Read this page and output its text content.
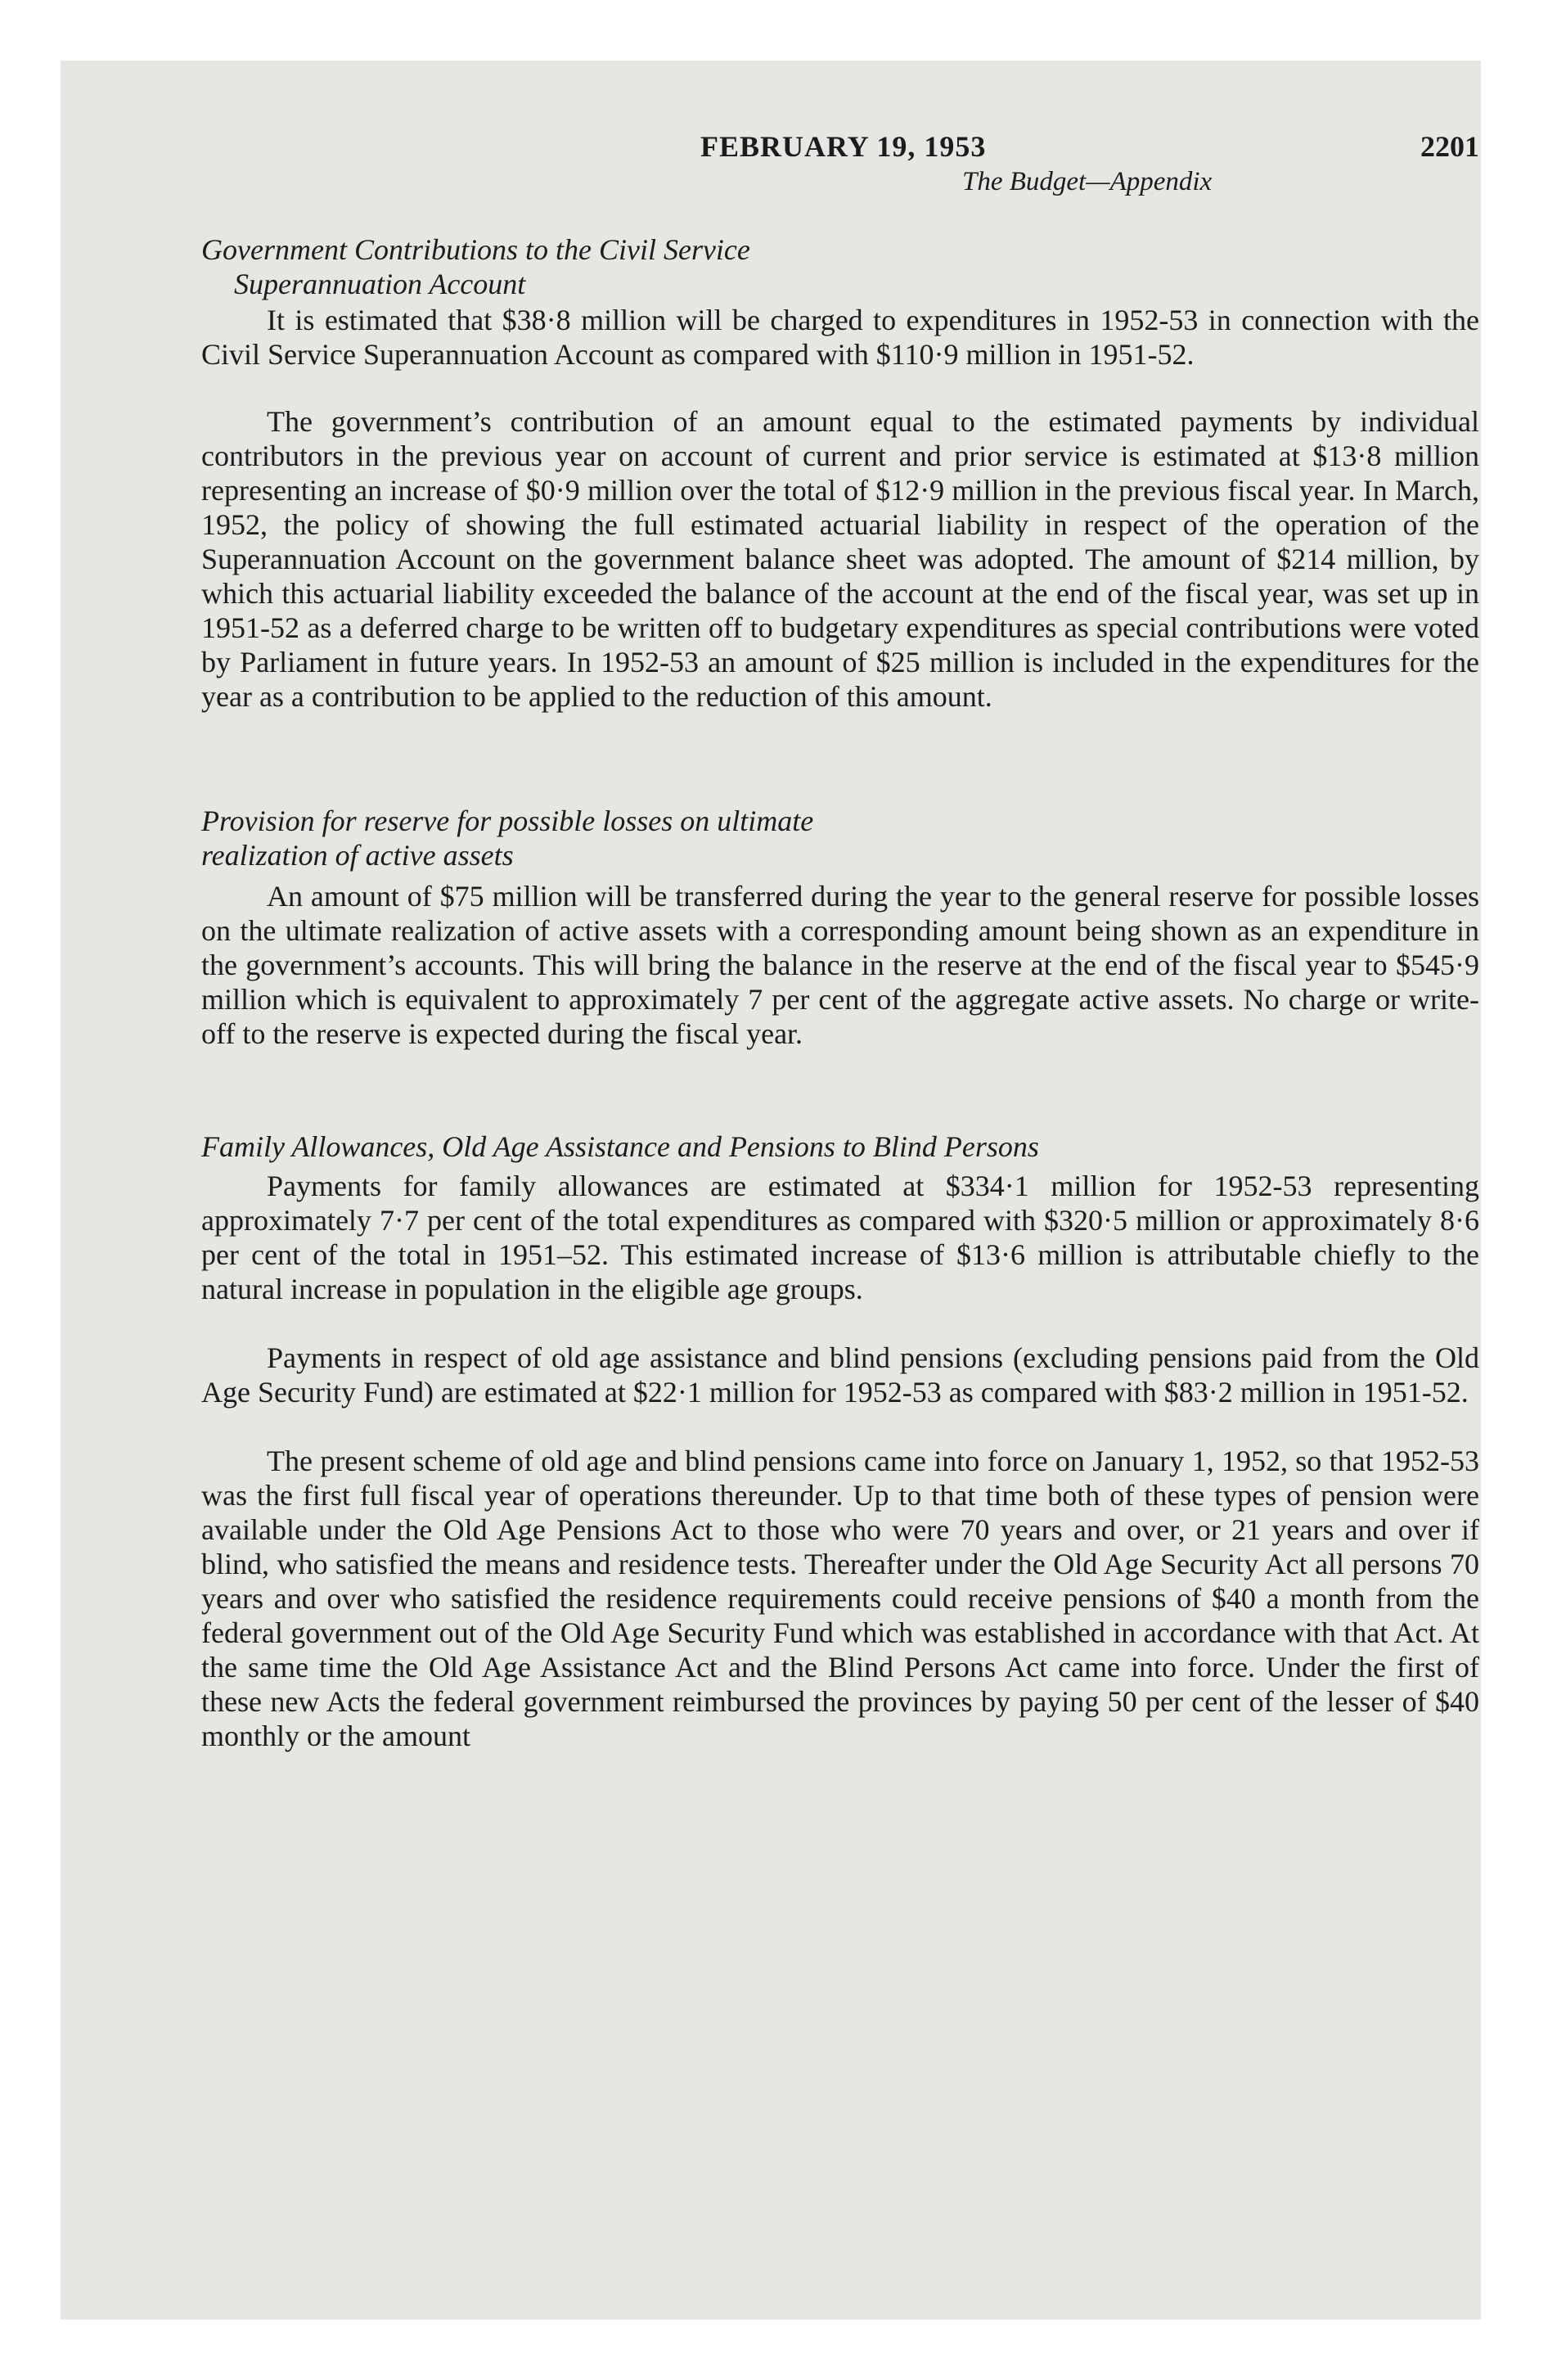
FEBRUARY 19, 1953	2201
The Budget—Appendix
Government Contributions to the Civil Service
Superannuation Account

It is estimated that $38·8 million will be charged to expenditures in 1952-53 in connection with the Civil Service Superannuation Account as compared with $110·9 million in 1951-52.

The government’s contribution of an amount equal to the estimated payments by individual contributors in the previous year on account of current and prior service is estimated at $13·8 million representing an increase of $0·9 million over the total of $12·9 million in the previous fiscal year. In March, 1952, the policy of showing the full estimated actuarial liability in respect of the operation of the Superannuation Account on the government balance sheet was adopted. The amount of $214 million, by which this actuarial liability exceeded the balance of the account at the end of the fiscal year, was set up in 1951-52 as a deferred charge to be written off to budgetary expenditures as special contributions were voted by Parliament in future years. In 1952-53 an amount of $25 million is included in the expenditures for the year as a contribution to be applied to the reduction of this amount.

Provision for reserve for possible losses on ultimate
realization of active assets

An amount of $75 million will be transferred during the year to the general reserve for possible losses on the ultimate realization of active assets with a corresponding amount being shown as an expenditure in the government’s accounts. This will bring the balance in the reserve at the end of the fiscal year to $545·9 million which is equivalent to approximately 7 per cent of the aggregate active assets. No charge or write-off to the reserve is expected during the fiscal year.

Family Allowances, Old Age Assistance and Pensions to Blind Persons

Payments for family allowances are estimated at $334·1 million for 1952-53 representing approximately 7·7 per cent of the total expenditures as compared with $320·5 million or approximately 8·6 per cent of the total in 1951–52. This estimated increase of $13·6 million is attributable chiefly to the natural increase in population in the eligible age groups.

Payments in respect of old age assistance and blind pensions (excluding pensions paid from the Old Age Security Fund) are estimated at $22·1 million for 1952-53 as compared with $83·2 million in 1951-52.

The present scheme of old age and blind pensions came into force on January 1, 1952, so that 1952-53 was the first full fiscal year of operations thereunder. Up to that time both of these types of pension were available under the Old Age Pensions Act to those who were 70 years and over, or 21 years and over if blind, who satisfied the means and residence tests. Thereafter under the Old Age Security Act all persons 70 years and over who satisfied the residence requirements could receive pensions of $40 a month from the federal government out of the Old Age Security Fund which was established in accordance with that Act. At the same time the Old Age Assistance Act and the Blind Persons Act came into force. Under the first of these new Acts the federal government reimbursed the provinces by paying 50 per cent of the lesser of $40 monthly or the amount
